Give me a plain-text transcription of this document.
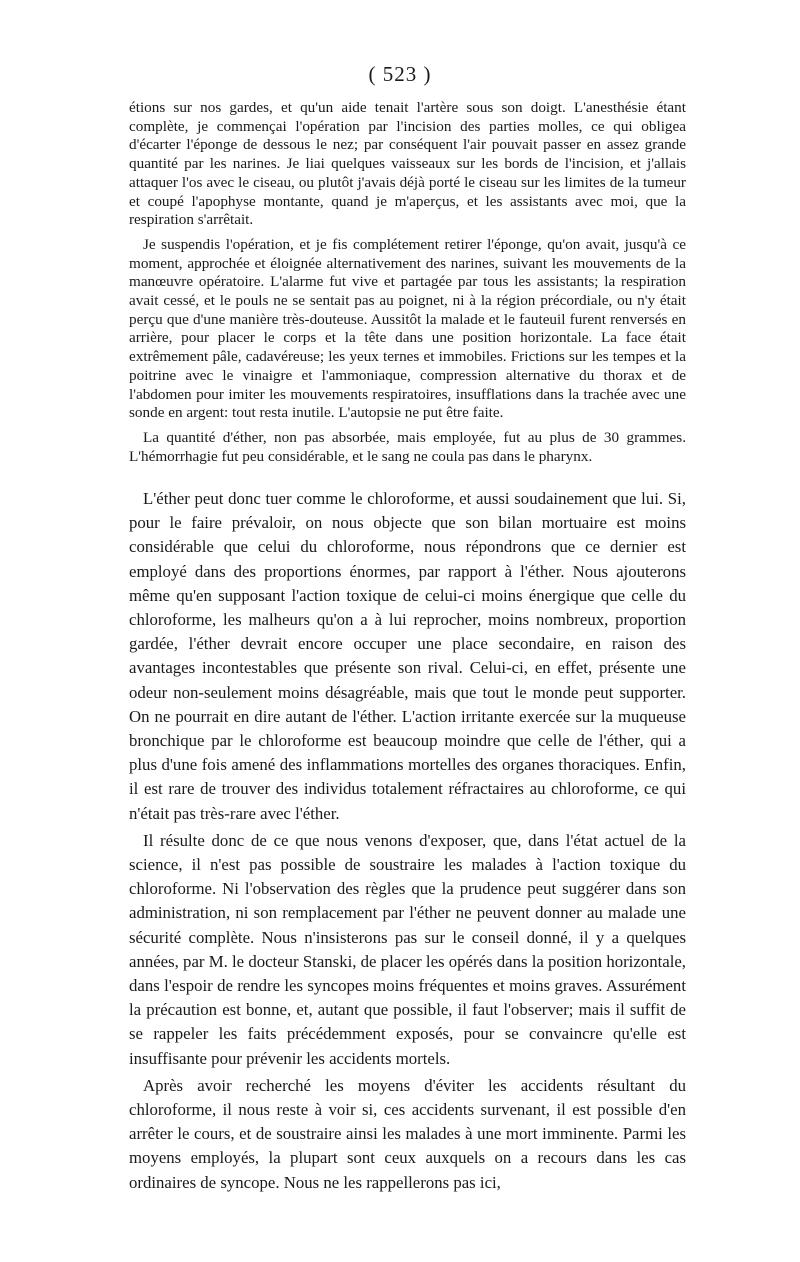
( 523 )

étions sur nos gardes, et qu'un aide tenait l'artère sous son doigt. L'anesthésie étant complète, je commençai l'opération par l'incision des parties molles, ce qui obligea d'écarter l'éponge de dessous le nez; par conséquent l'air pouvait passer en assez grande quantité par les narines. Je liai quelques vaisseaux sur les bords de l'incision, et j'allais attaquer l'os avec le ciseau, ou plutôt j'avais déjà porté le ciseau sur les limites de la tumeur et coupé l'apophyse montante, quand je m'aperçus, et les assistants avec moi, que la respiration s'arrêtait.

Je suspendis l'opération, et je fis complétement retirer l'éponge, qu'on avait, jusqu'à ce moment, approchée et éloignée alternativement des narines, suivant les mouvements de la manœuvre opératoire. L'alarme fut vive et partagée par tous les assistants; la respiration avait cessé, et le pouls ne se sentait pas au poignet, ni à la région précordiale, ou n'y était perçu que d'une manière très-douteuse. Aussitôt la malade et le fauteuil furent renversés en arrière, pour placer le corps et la tête dans une position horizontale. La face était extrêmement pâle, cadavéreuse; les yeux ternes et immobiles. Frictions sur les tempes et la poitrine avec le vinaigre et l'ammoniaque, compression alternative du thorax et de l'abdomen pour imiter les mouvements respiratoires, insufflations dans la trachée avec une sonde en argent: tout resta inutile. L'autopsie ne put être faite.

La quantité d'éther, non pas absorbée, mais employée, fut au plus de 30 grammes. L'hémorrhagie fut peu considérable, et le sang ne coula pas dans le pharynx.

L'éther peut donc tuer comme le chloroforme, et aussi soudainement que lui. Si, pour le faire prévaloir, on nous objecte que son bilan mortuaire est moins considérable que celui du chloroforme, nous répondrons que ce dernier est employé dans des proportions énormes, par rapport à l'éther. Nous ajouterons même qu'en supposant l'action toxique de celui-ci moins énergique que celle du chloroforme, les malheurs qu'on a à lui reprocher, moins nombreux, proportion gardée, l'éther devrait encore occuper une place secondaire, en raison des avantages incontestables que présente son rival. Celui-ci, en effet, présente une odeur non-seulement moins désagréable, mais que tout le monde peut supporter. On ne pourrait en dire autant de l'éther. L'action irritante exercée sur la muqueuse bronchique par le chloroforme est beaucoup moindre que celle de l'éther, qui a plus d'une fois amené des inflammations mortelles des organes thoraciques. Enfin, il est rare de trouver des individus totalement réfractaires au chloroforme, ce qui n'était pas très-rare avec l'éther.

Il résulte donc de ce que nous venons d'exposer, que, dans l'état actuel de la science, il n'est pas possible de soustraire les malades à l'action toxique du chloroforme. Ni l'observation des règles que la prudence peut suggérer dans son administration, ni son remplacement par l'éther ne peuvent donner au malade une sécurité complète. Nous n'insisterons pas sur le conseil donné, il y a quelques années, par M. le docteur Stanski, de placer les opérés dans la position horizontale, dans l'espoir de rendre les syncopes moins fréquentes et moins graves. Assurément la précaution est bonne, et, autant que possible, il faut l'observer; mais il suffit de se rappeler les faits précédemment exposés, pour se convaincre qu'elle est insuffisante pour prévenir les accidents mortels.

Après avoir recherché les moyens d'éviter les accidents résultant du chloroforme, il nous reste à voir si, ces accidents survenant, il est possible d'en arrêter le cours, et de soustraire ainsi les malades à une mort imminente. Parmi les moyens employés, la plupart sont ceux auxquels on a recours dans les cas ordinaires de syncope. Nous ne les rappellerons pas ici,
